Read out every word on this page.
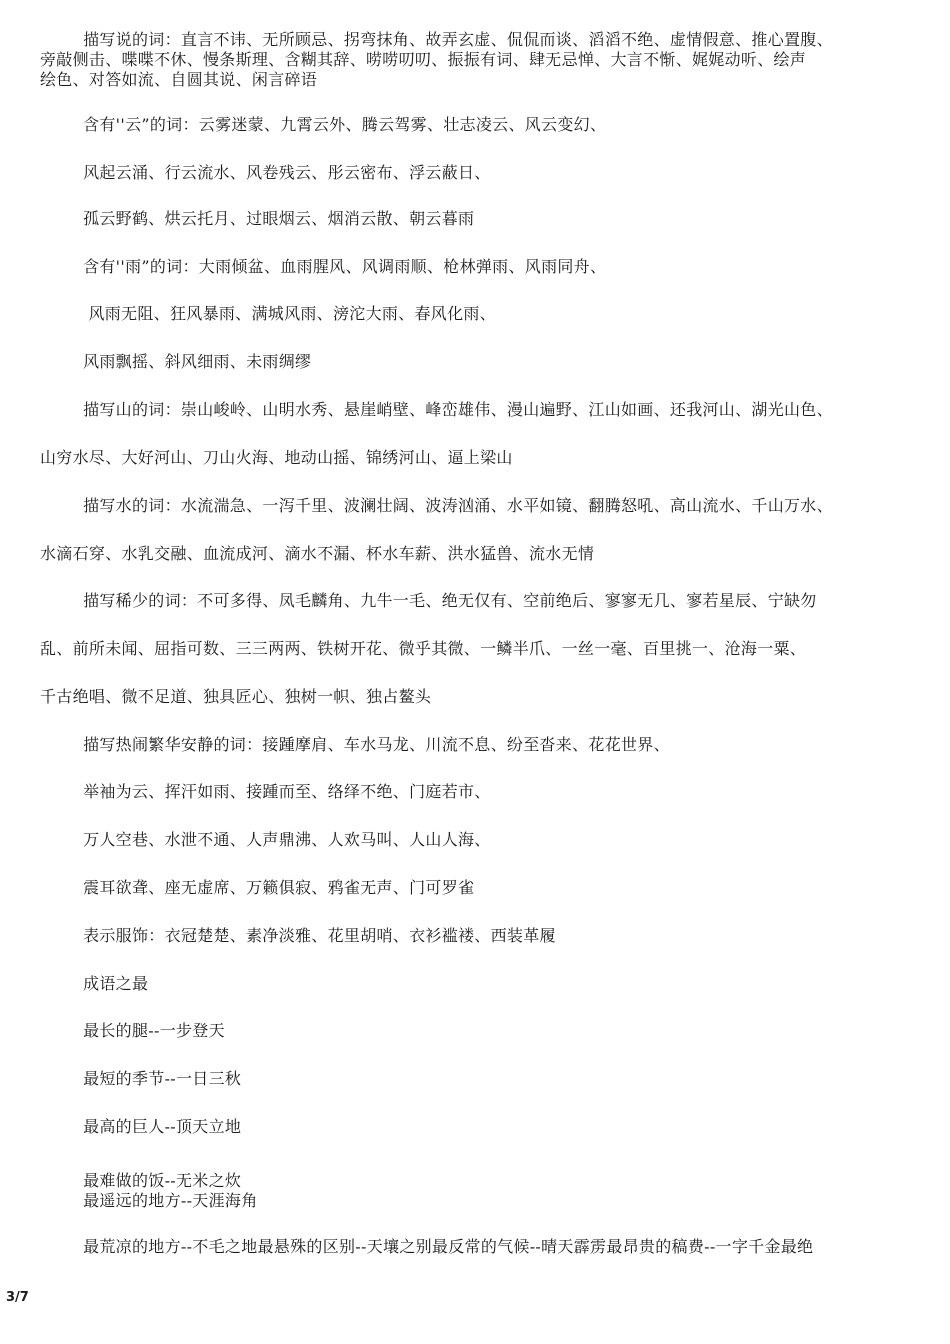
描写说的词：直言不讳、无所顾忌、拐弯抹角、故弄玄虚、侃侃而谈、滔滔不绝、虚情假意、推心置腹、
旁敲侧击、喋喋不休、慢条斯理、含糊其辞、唠唠叨叨、振振有词、肆无忌惮、大言不惭、娓娓动听、绘声
绘色、对答如流、自圆其说、闲言碎语
含有''云”的词：云雾迷蒙、九霄云外、腾云驾雾、壮志凌云、风云变幻、
风起云涌、行云流水、风卷残云、彤云密布、浮云蔽日、
孤云野鹤、烘云托月、过眼烟云、烟消云散、朝云暮雨
含有''雨”的词：大雨倾盆、血雨腥风、风调雨顺、枪林弹雨、风雨同舟、
风雨无阻、狂风暴雨、满城风雨、滂沱大雨、春风化雨、
风雨飘摇、斜风细雨、未雨绸缪
描写山的词：崇山峻岭、山明水秀、悬崖峭壁、峰峦雄伟、漫山遍野、江山如画、还我河山、湖光山色、
山穷水尽、大好河山、刀山火海、地动山摇、锦绣河山、逼上梁山
描写水的词：水流湍急、一泻千里、波澜壮阔、波涛汹涌、水平如镜、翻腾怒吼、高山流水、千山万水、
水滴石穿、水乳交融、血流成河、滴水不漏、杯水车薪、洪水猛兽、流水无情
描写稀少的词：不可多得、凤毛麟角、九牛一毛、绝无仅有、空前绝后、寥寥无几、寥若星辰、宁缺勿
乱、前所未闻、屈指可数、三三两两、铁树开花、微乎其微、一鳞半爪、一丝一毫、百里挑一、沧海一粟、
千古绝唱、微不足道、独具匠心、独树一帜、独占鳌头
描写热闹繁华安静的词：接踵摩肩、车水马龙、川流不息、纷至沓来、花花世界、
举袖为云、挥汗如雨、接踵而至、络绎不绝、门庭若市、
万人空巷、水泄不通、人声鼎沸、人欢马叫、人山人海、
震耳欲聋、座无虚席、万籁俱寂、鸦雀无声、门可罗雀
表示服饰：衣冠楚楚、素净淡雅、花里胡哨、衣衫褴褛、西装革履
成语之最
最长的腿--一步登天
最短的季节--一日三秋
最高的巨人--顶天立地
最难做的饭--无米之炊
最遥远的地方--天涯海角
最荒凉的地方--不毛之地最悬殊的区别--天壤之别最反常的气候--晴天霹雳最昂贵的稿费--一字千金最绝
3/7
